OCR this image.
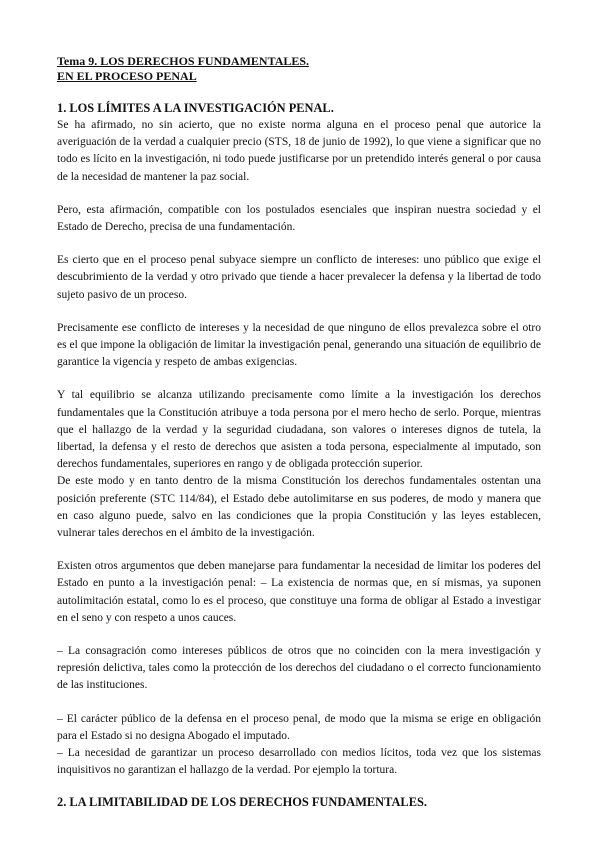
Tema 9. LOS DERECHOS FUNDAMENTALES.
EN EL PROCESO PENAL
1. LOS LÍMITES A LA INVESTIGACIÓN PENAL.

Se ha afirmado, no sin acierto, que no existe norma alguna en el proceso penal que autorice la averiguación de la verdad a cualquier precio (STS, 18 de junio de 1992), lo que viene a significar que no todo es lícito en la investigación, ni todo puede justificarse por un pretendido interés general o por causa de la necesidad de mantener la paz social.

Pero, esta afirmación, compatible con los postulados esenciales que inspiran nuestra sociedad y el Estado de Derecho, precisa de una fundamentación.

Es cierto que en el proceso penal subyace siempre un conflicto de intereses: uno público que exige el descubrimiento de la verdad y otro privado que tiende a hacer prevalecer la defensa y la libertad de todo sujeto pasivo de un proceso.

Precisamente ese conflicto de intereses y la necesidad de que ninguno de ellos prevalezca sobre el otro es el que impone la obligación de limitar la investigación penal, generando una situación de equilibrio de garantice la vigencia y respeto de ambas exigencias.

Y tal equilibrio se alcanza utilizando precisamente como límite a la investigación los derechos fundamentales que la Constitución atribuye a toda persona por el mero hecho de serlo. Porque, mientras que el hallazgo de la verdad y la seguridad ciudadana, son valores o intereses dignos de tutela, la libertad, la defensa y el resto de derechos que asisten a toda persona, especialmente al imputado, son derechos fundamentales, superiores en rango y de obligada protección superior.

De este modo y en tanto dentro de la misma Constitución los derechos fundamentales ostentan una posición preferente (STC 114/84), el Estado debe autolimitarse en sus poderes, de modo y manera que en caso alguno puede, salvo en las condiciones que la propia Constitución y las leyes establecen, vulnerar tales derechos en el ámbito de la investigación.

Existen otros argumentos que deben manejarse para fundamentar la necesidad de limitar los poderes del Estado en punto a la investigación penal: – La existencia de normas que, en sí mismas, ya suponen autolimitación estatal, como lo es el proceso, que constituye una forma de obligar al Estado a investigar en el seno y con respeto a unos cauces.

– La consagración como intereses públicos de otros que no coinciden con la mera investigación y represión delictiva, tales como la protección de los derechos del ciudadano o el correcto funcionamiento de las instituciones.

– El carácter público de la defensa en el proceso penal, de modo que la misma se erige en obligación para el Estado si no designa Abogado el imputado.

– La necesidad de garantizar un proceso desarrollado con medios lícitos, toda vez que los sistemas inquisitivos no garantizan el hallazgo de la verdad. Por ejemplo la tortura.

2. LA LIMITABILIDAD DE LOS DERECHOS FUNDAMENTALES.
